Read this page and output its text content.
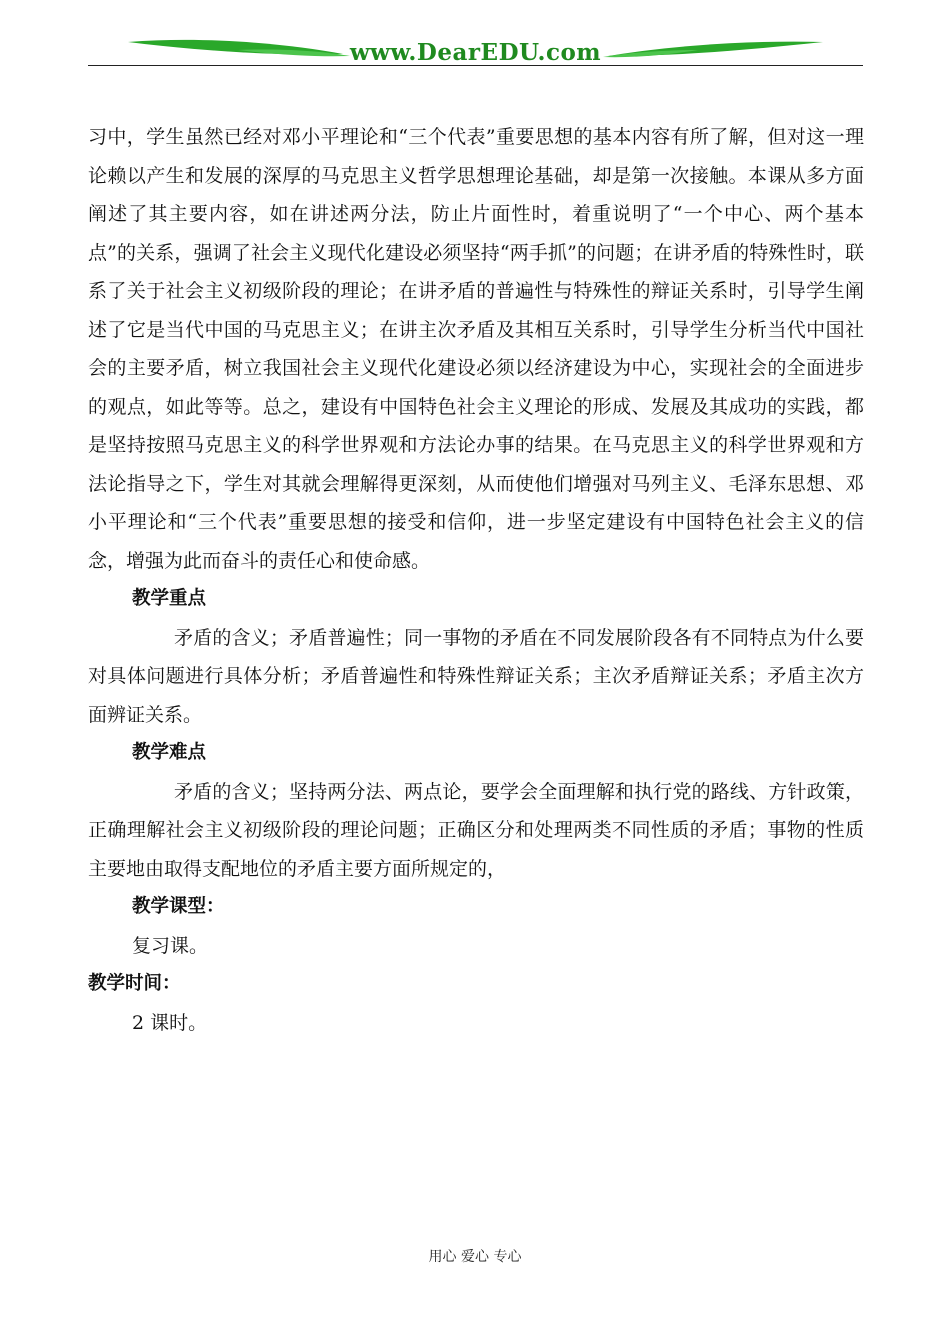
www.DearEDU.com

习中，学生虽然已经对邓小平理论和“三个代表”重要思想的基本内容有所了解，但对这一理论赖以产生和发展的深厚的马克思主义哲学思想理论基础，却是第一次接触。本课从多方面阐述了其主要内容，如在讲述两分法，防止片面性时，着重说明了“一个中心、两个基本点”的关系，强调了社会主义现代化建设必须坚持“两手抓”的问题；在讲矛盾的特殊性时，联系了关于社会主义初级阶段的理论；在讲矛盾的普遍性与特殊性的辩证关系时，引导学生阐述了它是当代中国的马克思主义；在讲主次矛盾及其相互关系时，引导学生分析当代中国社会的主要矛盾，树立我国社会主义现代化建设必须以经济建设为中心，实现社会的全面进步的观点，如此等等。总之，建设有中国特色社会主义理论的形成、发展及其成功的实践，都是坚持按照马克思主义的科学世界观和方法论办事的结果。在马克思主义的科学世界观和方法论指导之下，学生对其就会理解得更深刻，从而使他们增强对马列主义、毛泽东思想、邓小平理论和“三个代表”重要思想的接受和信仰，进一步坚定建设有中国特色社会主义的信念，增强为此而奋斗的责任心和使命感。

教学重点

矛盾的含义；矛盾普遍性；同一事物的矛盾在不同发展阶段各有不同特点为什么要对具体问题进行具体分析；矛盾普遍性和特殊性辩证关系；主次矛盾辩证关系；矛盾主次方面辨证关系。

教学难点

矛盾的含义；坚持两分法、两点论，要学会全面理解和执行党的路线、方针政策，正确理解社会主义初级阶段的理论问题；正确区分和处理两类不同性质的矛盾；事物的性质主要地由取得支配地位的矛盾主要方面所规定的，

教学课型：

复习课。

教学时间：

2 课时。

用心 爱心 专心
